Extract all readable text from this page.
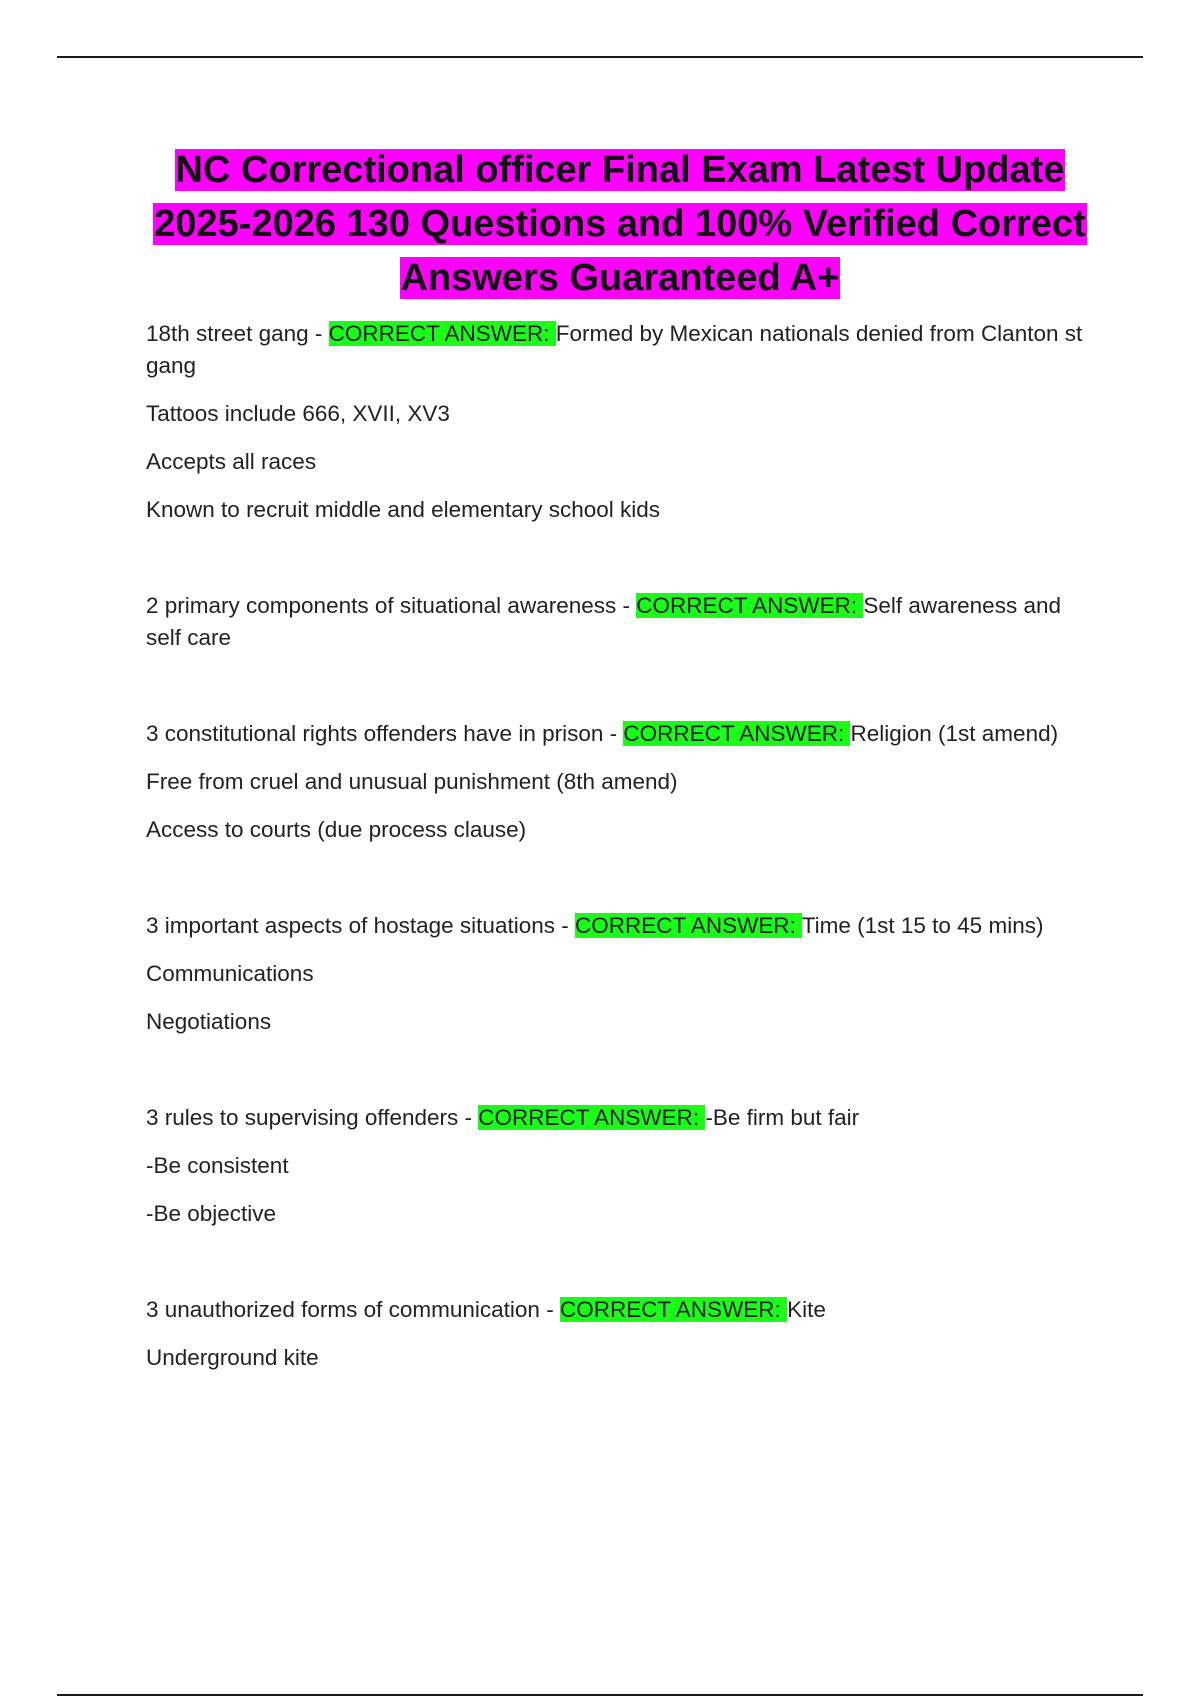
NC Correctional officer Final Exam Latest Update 2025-2026 130 Questions and 100% Verified Correct Answers Guaranteed A+

18th street gang - CORRECT ANSWER: Formed by Mexican nationals denied from Clanton st gang

Tattoos include 666, XVII, XV3

Accepts all races

Known to recruit middle and elementary school kids

2 primary components of situational awareness - CORRECT ANSWER: Self awareness and self care

3 constitutional rights offenders have in prison - CORRECT ANSWER: Religion (1st amend)

Free from cruel and unusual punishment (8th amend)

Access to courts (due process clause)

3 important aspects of hostage situations - CORRECT ANSWER: Time (1st 15 to 45 mins)

Communications

Negotiations

3 rules to supervising offenders - CORRECT ANSWER: -Be firm but fair

-Be consistent

-Be objective

3 unauthorized forms of communication - CORRECT ANSWER: Kite

Underground kite
